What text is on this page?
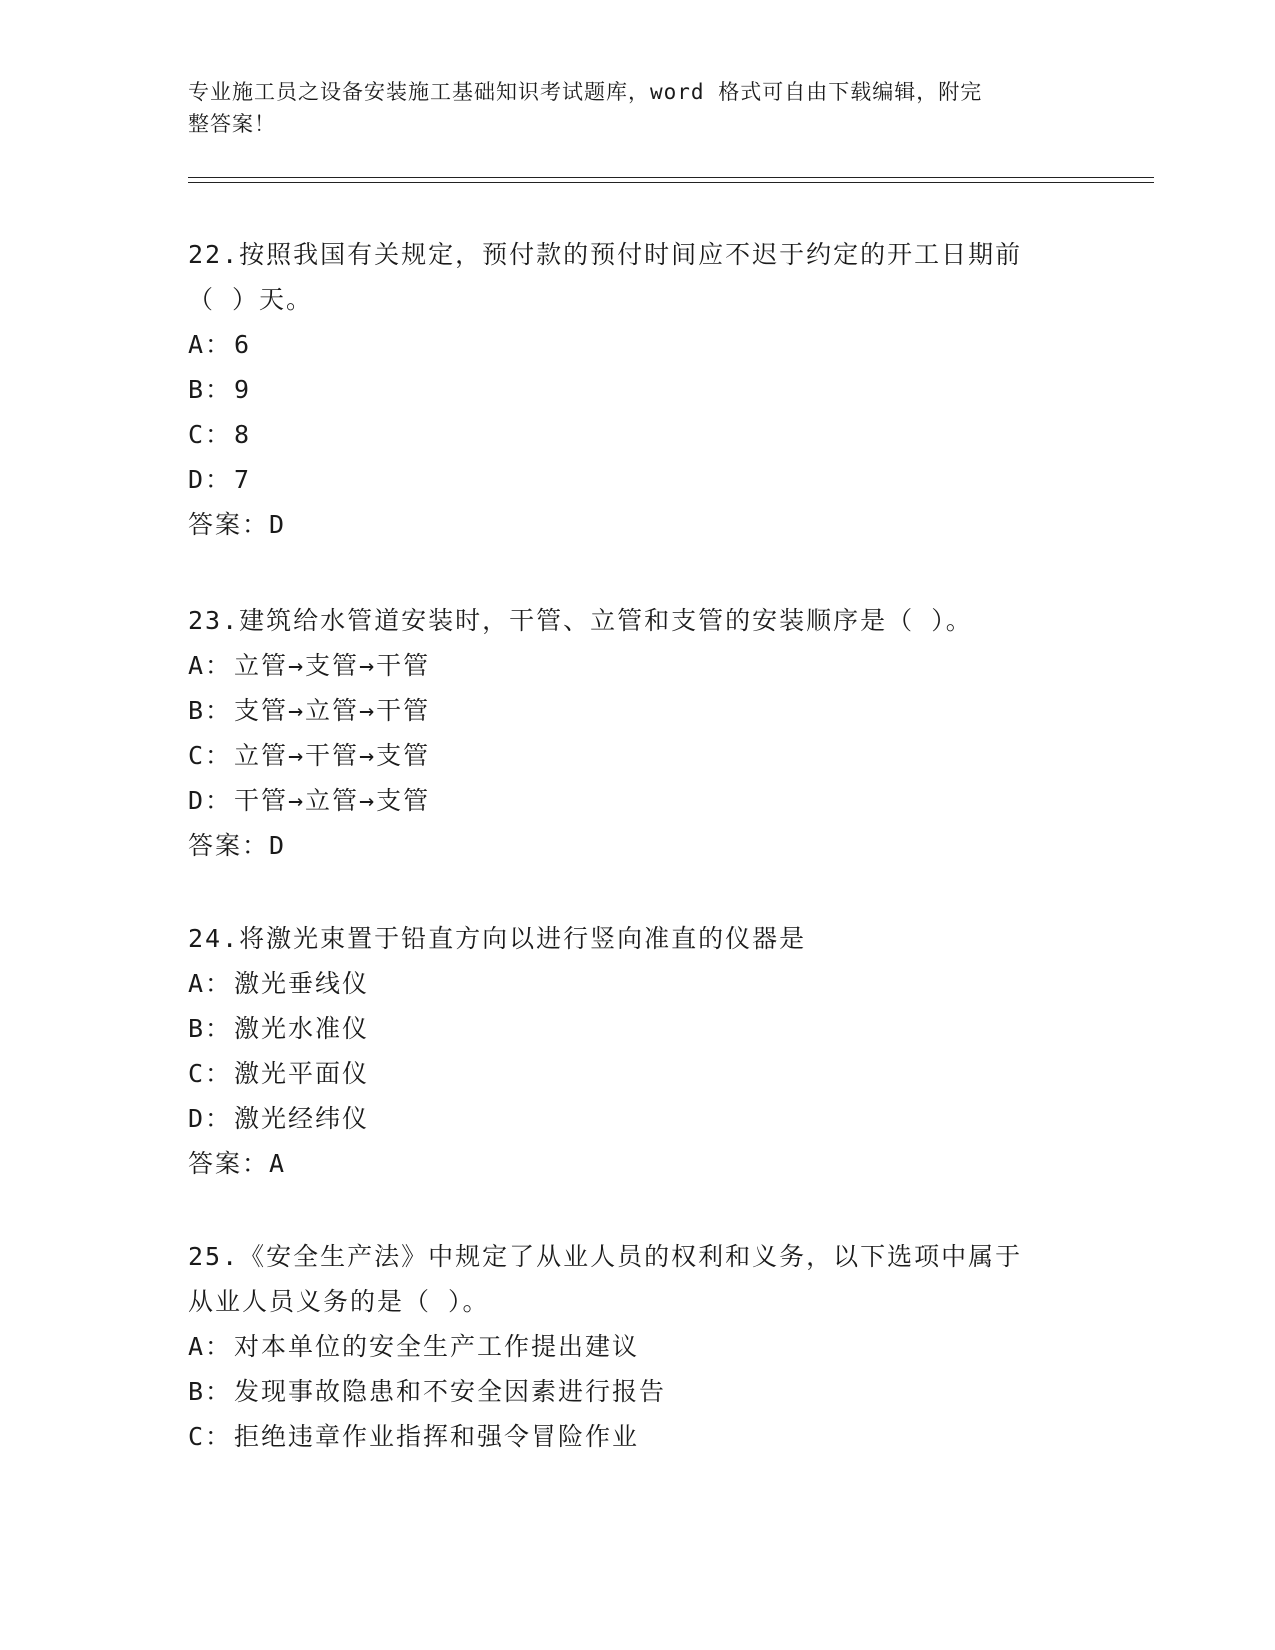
专业施工员之设备安装施工基础知识考试题库，word 格式可自由下载编辑，附完
整答案！

22.按照我国有关规定，预付款的预付时间应不迟于约定的开工日期前

（ ）天。

A：6

B：9

C：8

D：7

答案：D

23.建筑给水管道安装时，干管、立管和支管的安装顺序是（ ）。

A：立管→支管→干管

B：支管→立管→干管

C：立管→干管→支管

D：干管→立管→支管

答案：D

24.将激光束置于铅直方向以进行竖向准直的仪器是

A：激光垂线仪

B：激光水准仪

C：激光平面仪

D：激光经纬仪

答案：A

25.《安全生产法》中规定了从业人员的权利和义务，以下选项中属于

从业人员义务的是（ ）。

A：对本单位的安全生产工作提出建议

B：发现事故隐患和不安全因素进行报告

C：拒绝违章作业指挥和强令冒险作业
